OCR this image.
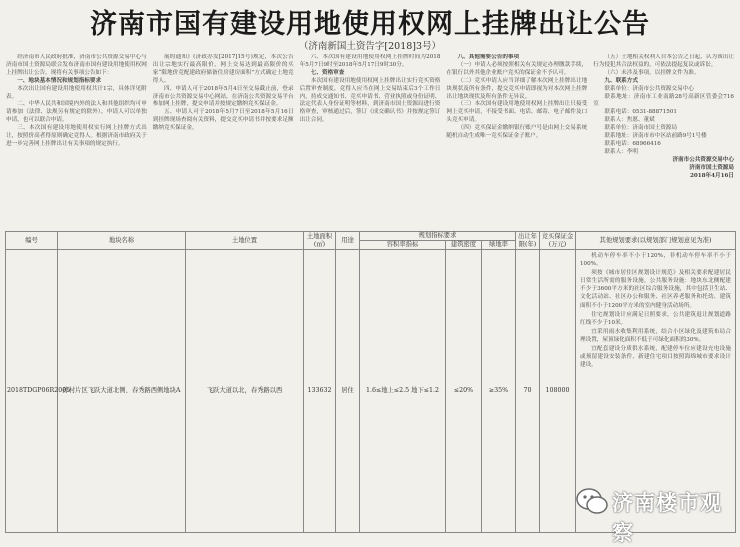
济南市国有建设用地使用权网上挂牌出让公告
（济南新国土资告字[2018]3号）

经济南市人民政府批准，济南市公共资源交易中心与济南市国土资源局联合发布济南市国有建设用地使用权网上挂牌出让公告，现将有关事项公告如下：

一、地块基本情况和规划指标要求

本次出让国有建设用地使用权共计1宗，具体详见附表。

二、中华人民共和国境内外的法人和其他组织均可申请参加（法律、法规另有规定的除外），申请人可以单独申请，也可以联合申请。

三、本次国有建设用地使用权实行网上挂牌方式出让，按照价高者得原则确定竞得人。根据济南市政府关于进一步完善网上挂牌出让有关事项的规定执行。

展的通知》(济政办发[2017]15号)规定，本次公告出让宗地实行最高限价，网上交易达到最高限价的买家“限地价竞配建政府储备住房建房面积”方式确定土地竞得人。

四、申请人可于2018年5月4日至交易截止前，登录济南市公共资源交易中心网站，在济南公共资源交易平台参加网上挂牌，提交申请并按规定缴纳竞买保证金。

五、申请人可于2018年5月7日至2018年5月16日到挂牌现场查阅有关资料，提交竞买申请书并按要求足额缴纳竞买保证金。

六、本次国有建设用地使用权网上挂牌时间为2018年5月7日9时至2018年5月17日9时30分。

七、资格审查

本次国有建设用地使用权网上挂牌出让实行竞买资格后置审查制度。竞得人应当在网上交易结束后3个工作日内，持成交通知书、竞买申请书、营业执照或身份证明、法定代表人身份证明等材料，到济南市国土资源局进行资格审查，审核通过后，签订《成交确认书》并按规定签订出让合同。

八、其他需要公告的事项

（一）申请人必须按照相关有关规定办理缴款手续，在银行以外其他企业账户竞买的保证金不予认可。

（二）竞买申请人应当详细了解本次网上挂牌出让地块现状及所有条件，提交竞买申请即视为对本次网上挂牌出让地块现状及所有条件无异议。

（三）本次国有建设用地使用权网上挂牌出让只接受网上竞买申请，不接受书面、电话、邮寄、电子邮件及口头竞买申请。

（四）竞买保证金缴纳银行账户号是由网上交易系统随机自动生成唯一竞买保证金子账户。

（五）土地相关权利人自本公告之日起，认为该出让行为侵犯其合法权益的，可依法提起复议或诉讼。

（六）未涉及事项，以挂牌文件为准。

九、联系方式

联系单位：济南市公共资源交易中心

联系地址：济南市工业南路28号高新区管委会716室

联系电话：0531-88871501

联系人：焦愿、董斌

联系单位：济南市国土资源局

联系地址：济南市市中区站前路9号1号楼

联系电话：68966416

联系人：李明

济南市公共资源交易中心

济南市国土资源局

2018年4月16日

编号	地块名称	土地位置	土地面积(㎡)	用途	规划指标要求			出让年限(年)	竞买保证金(万元)	其他规划要求(以规划部门规划意见为准)
					容积率指标	建筑密度	绿地率			
2018TDGP06R2005	孙村片区飞跃大道北侧、春秀路西侧地块A	飞跃大道以北，春秀路以西	133632	居住	1.6≤地上≤2.5 地下≤1.2	≤20%	≥35%	70	108000	机动车停车率不小于120%，非机动车停车率不小于100%。

须按《城市居住区规划设计规范》及相关要求配建居民日常生活所需的服务设施，公共服务设施：地块东北侧配建不少于3600平方米的社区综合服务设施，其中包括卫生站、文化活动站、社区办公和服务、社区养老服务和托幼、建筑面积不小于1200平方米的室内健身活动场所。

住宅规划设计应满足日照要求，公共建筑退让规划道路红线不少于10米。

宜采用雨水收集利用系统，结合小区绿化及建筑布局合理设置，屋顶绿化面积不低于可绿化面积的30%。

宜配套建设分质供水系统，配建停车位应建设充电设施或预留建设安装条件，新建住宅项目按照海绵城市要求设计建设。

济南楼市观察
